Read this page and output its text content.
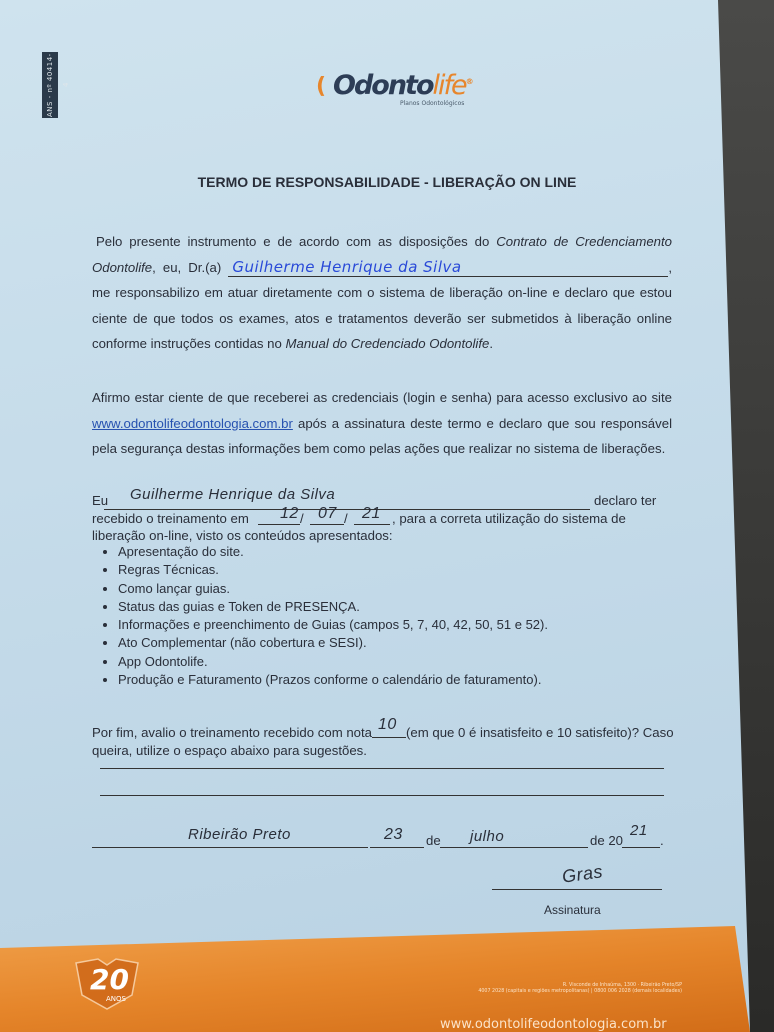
ANS - nº 40414-4	( Odontolife®
Planos Odontológicos
TERMO DE RESPONSABILIDADE - LIBERAÇÃO ON LINE
Pelo presente instrumento e de acordo com as disposições do Contrato de Credenciamento Odontolife, eu, Dr.(a) Guilherme Henrique da Silva	, me responsabilizo em atuar diretamente com o sistema de liberação on-line e declaro que estou ciente de que todos os exames, atos e tratamentos deverão ser submetidos à liberação online conforme instruções contidas no Manual do Credenciado Odontolife.
Afirmo estar ciente de que receberei as credenciais (login e senha) para acesso exclusivo ao site www.odontolifeodontologia.com.br após a assinatura deste termo e declaro que sou responsável pela segurança destas informações bem como pelas ações que realizar no sistema de liberações.
Eu Guilherme Henrique da Silva	declaro ter
recebido o treinamento em	/	/
12 07 21 , para a correta utilização do sistema de
liberação on-line, visto os conteúdos apresentados:
• Apresentação do site.
• Regras Técnicas.
• Como lançar guias.
• Status das guias e Token de PRESENÇA.
• Informações e preenchimento de Guias (campos 5, 7, 40, 42, 50, 51 e 52).
• Ato Complementar (não cobertura e SESI).
• App Odontolife.
• Produção e Faturamento (Prazos conforme o calendário de faturamento).
Por fim, avalio o treinamento recebido com nota 10 (em que 0 é insatisfeito e 10 satisfeito)? Caso
queira, utilize o espaço abaixo para sugestões.
Ribeirão Preto	23 de julho	de 20
21
.
Gras
Assinatura
20
ANOS
R. Visconde de Inhaúma, 1300 · Ribeirão Preto/SP
4007 2028 (capitais e regiões metropolitanas) | 0800 006 2028 (demais localidades)
www.odontolifeodontologia.com.br
